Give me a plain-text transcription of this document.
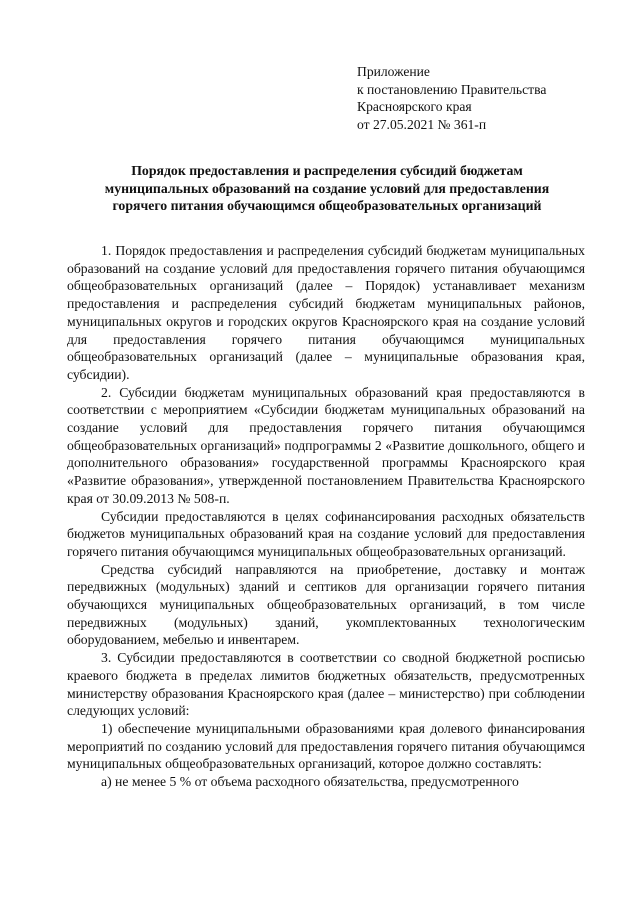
Приложение
к постановлению Правительства
Красноярского края
от 27.05.2021 № 361-п
Порядок предоставления и распределения субсидий бюджетам
муниципальных образований на создание условий для предоставления
горячего питания обучающимся общеобразовательных организаций

1. Порядок предоставления и распределения субсидий бюджетам муниципальных образований на создание условий для предоставления горячего питания обучающимся общеобразовательных организаций (далее – Порядок) устанавливает механизм предоставления и распределения субсидий бюджетам муниципальных районов, муниципальных округов и городских округов Красноярского края на создание условий для предоставления горячего питания обучающимся муниципальных общеобразовательных организаций (далее – муниципальные образования края, субсидии).

2. Субсидии бюджетам муниципальных образований края предоставляются в соответствии с мероприятием «Субсидии бюджетам муниципальных образований на создание условий для предоставления горячего питания обучающимся общеобразовательных организаций» подпрограммы 2 «Развитие дошкольного, общего и дополнительного образования» государственной программы Красноярского края «Развитие образования», утвержденной постановлением Правительства Красноярского края от 30.09.2013 № 508-п.

Субсидии предоставляются в целях софинансирования расходных обязательств бюджетов муниципальных образований края на создание условий для предоставления горячего питания обучающимся муниципальных общеобразовательных организаций.

Средства субсидий направляются на приобретение, доставку и монтаж передвижных (модульных) зданий и септиков для организации горячего питания обучающихся муниципальных общеобразовательных организаций, в том числе передвижных (модульных) зданий, укомплектованных технологическим оборудованием, мебелью и инвентарем.

3. Субсидии предоставляются в соответствии со сводной бюджетной росписью краевого бюджета в пределах лимитов бюджетных обязательств, предусмотренных министерству образования Красноярского края (далее – министерство) при соблюдении следующих условий:

1) обеспечение муниципальными образованиями края долевого финансирования мероприятий по созданию условий для предоставления горячего питания обучающимся муниципальных общеобразовательных организаций, которое должно составлять:

а) не менее 5 % от объема расходного обязательства, предусмотренного
